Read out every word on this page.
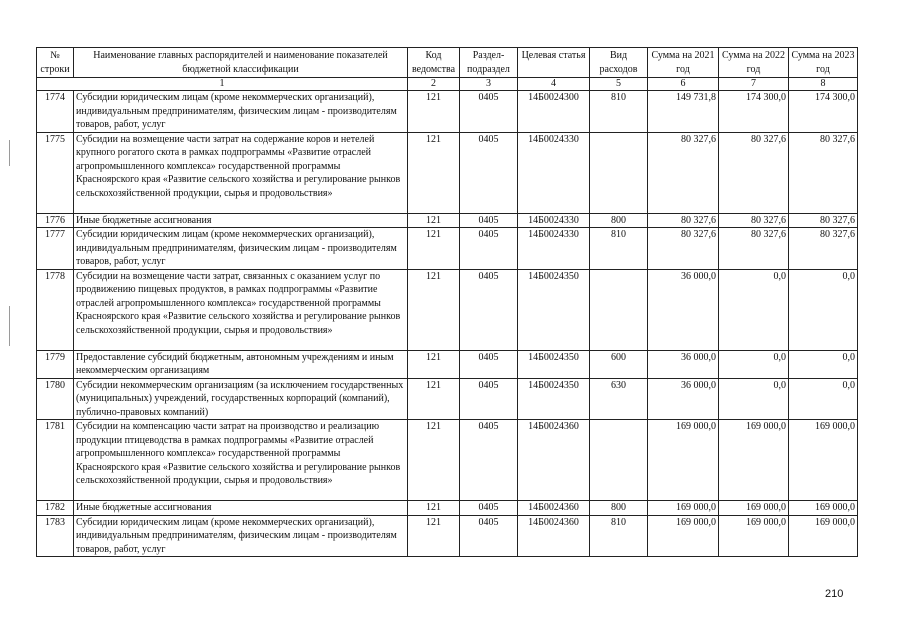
№ строки	Наименование главных распорядителей и наименование показателей бюджетной классификации	Код ведомства	Раздел-подраздел	Целевая статья	Вид расходов	Сумма на 2021 год	Сумма на 2022 год	Сумма на 2023 год
1		2	3	4	5	6	7	8
1774	Субсидии юридическим лицам (кроме некоммерческих организаций), индивидуальным предпринимателям, физическим лицам - производителям товаров, работ, услуг	121	0405	14Б0024300	810	149 731,8	174 300,0	174 300,0
1775	Субсидии на возмещение части затрат на содержание коров и нетелей крупного рогатого скота в рамках подпрограммы «Развитие отраслей агропромышленного комплекса» государственной программы Красноярского края «Развитие сельского хозяйства и регулирование рынков сельскохозяйственной продукции, сырья и продовольствия»	121	0405	14Б0024330		80 327,6	80 327,6	80 327,6
1776	Иные бюджетные ассигнования	121	0405	14Б0024330	800	80 327,6	80 327,6	80 327,6
1777	Субсидии юридическим лицам (кроме некоммерческих организаций), индивидуальным предпринимателям, физическим лицам - производителям товаров, работ, услуг	121	0405	14Б0024330	810	80 327,6	80 327,6	80 327,6
1778	Субсидии на возмещение части затрат, связанных с оказанием услуг по продвижению пищевых продуктов, в рамках подпрограммы «Развитие отраслей агропромышленного комплекса» государственной программы Красноярского края «Развитие сельского хозяйства и регулирование рынков сельскохозяйственной продукции, сырья и продовольствия»	121	0405	14Б0024350		36 000,0	0,0	0,0
1779	Предоставление субсидий бюджетным, автономным учреждениям и иным некоммерческим организациям	121	0405	14Б0024350	600	36 000,0	0,0	0,0
1780	Субсидии некоммерческим организациям (за исключением государственных (муниципальных) учреждений, государственных корпораций (компаний), публично-правовых компаний)	121	0405	14Б0024350	630	36 000,0	0,0	0,0
1781	Субсидии на компенсацию части затрат на производство и реализацию продукции птицеводства в рамках подпрограммы «Развитие отраслей агропромышленного комплекса» государственной программы Красноярского края «Развитие сельского хозяйства и регулирование рынков сельскохозяйственной продукции, сырья и продовольствия»	121	0405	14Б0024360		169 000,0	169 000,0	169 000,0
1782	Иные бюджетные ассигнования	121	0405	14Б0024360	800	169 000,0	169 000,0	169 000,0
1783	Субсидии юридическим лицам (кроме некоммерческих организаций), индивидуальным предпринимателям, физическим лицам - производителям товаров, работ, услуг	121	0405	14Б0024360	810	169 000,0	169 000,0	169 000,0
210
